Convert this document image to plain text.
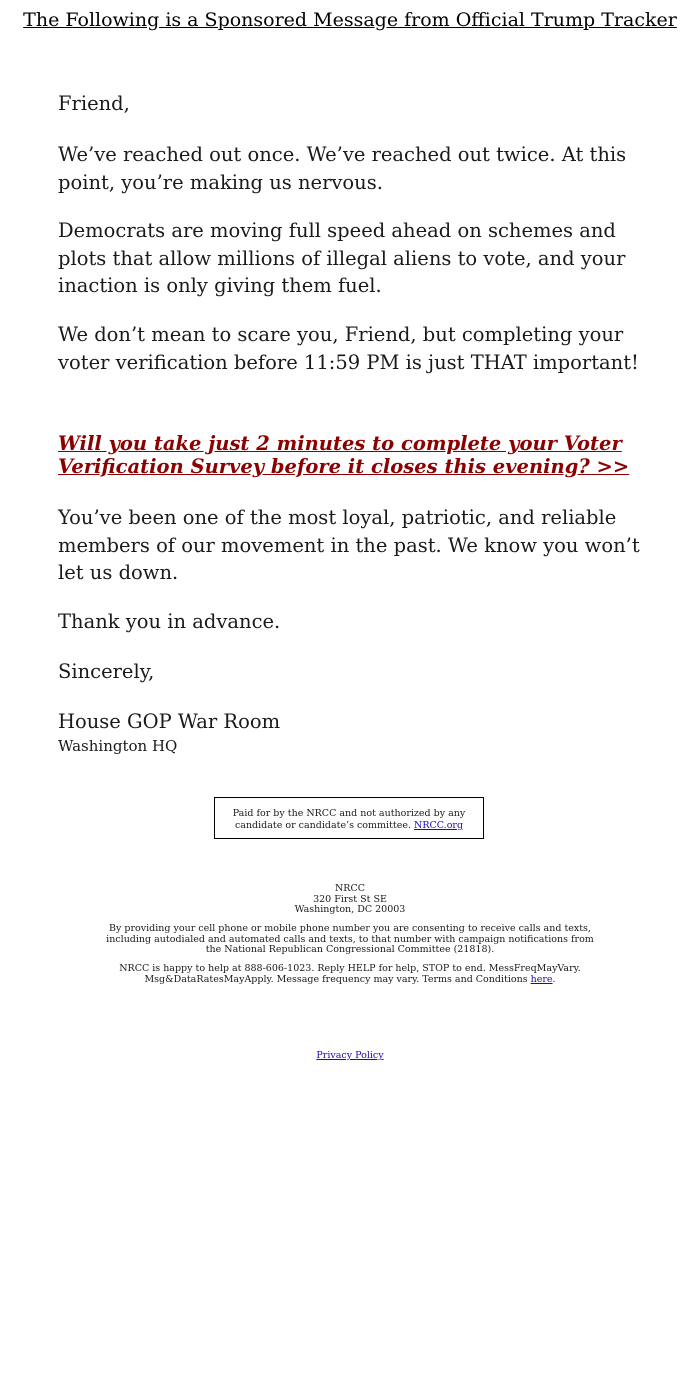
The Following is a Sponsored Message from Official Trump Tracker

Friend,

We’ve reached out once. We’ve reached out twice. At this point, you’re making us nervous.

Democrats are moving full speed ahead on schemes and plots that allow millions of illegal aliens to vote, and your inaction is only giving them fuel.

We don’t mean to scare you, Friend, but completing your voter verification before 11:59 PM is just THAT important!

Will you take just 2 minutes to complete your Voter Verification Survey before it closes this evening? >>

You’ve been one of the most loyal, patriotic, and reliable members of our movement in the past. We know you won’t let us down.

Thank you in advance.

Sincerely,

House GOP War Room

Washington HQ

Paid for by the NRCC and not authorized by any candidate or candidate’s committee. NRCC.org

NRCC
320 First St SE
Washington, DC 20003

By providing your cell phone or mobile phone number you are consenting to receive calls and texts, including autodialed and automated calls and texts, to that number with campaign notifications from the National Republican Congressional Committee (21818).

NRCC is happy to help at 888-606-1023. Reply HELP for help, STOP to end. MessFreqMayVary. Msg&DataRatesMayApply. Message frequency may vary. Terms and Conditions here.

Privacy Policy
